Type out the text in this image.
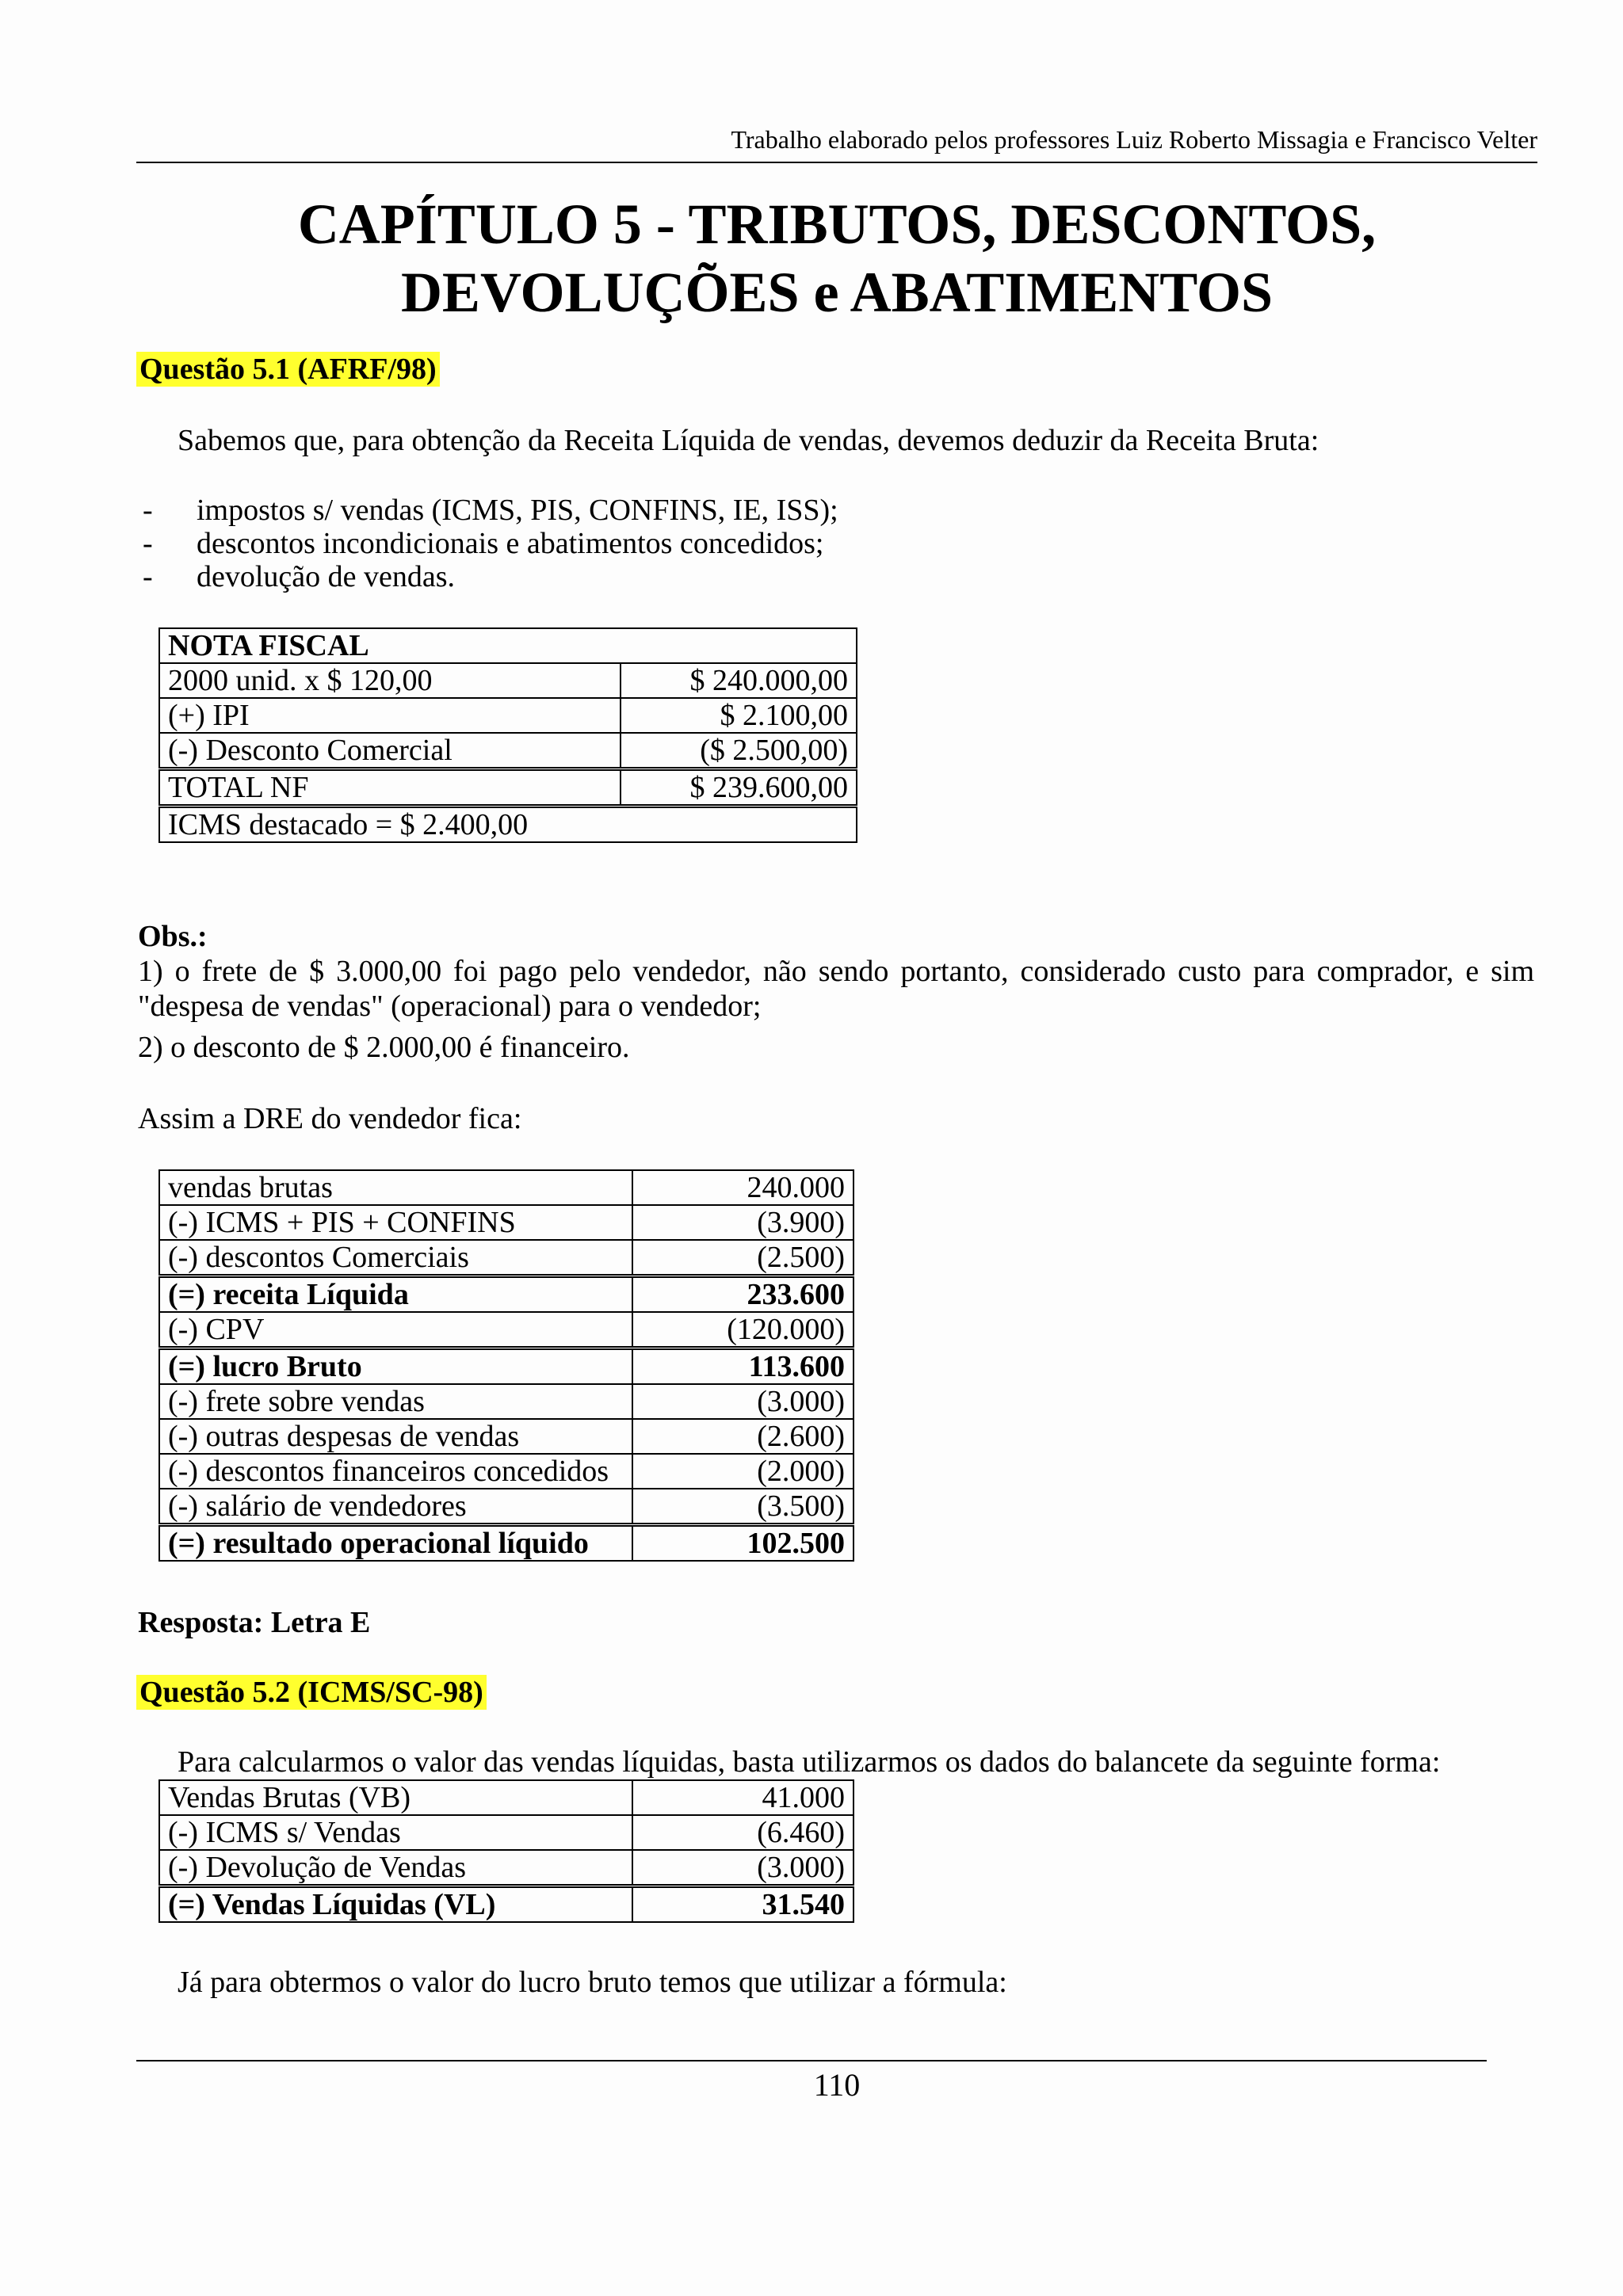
Trabalho elaborado pelos professores Luiz Roberto Missagia e Francisco Velter
CAPÍTULO 5 - TRIBUTOS, DESCONTOS,
DEVOLUÇÕES e ABATIMENTOS
Questão 5.1 (AFRF/98)
Sabemos que, para obtenção da Receita Líquida de vendas, devemos deduzir da Receita Bruta:
- impostos s/ vendas (ICMS, PIS, CONFINS, IE, ISS);
- descontos incondicionais e abatimentos concedidos;
- devolução de vendas.
NOTA FISCAL	
2000 unid. x $ 120,00	$ 240.000,00
(+) IPI	$ 2.100,00
(-) Desconto Comercial	($ 2.500,00)
TOTAL NF	$ 239.600,00
ICMS destacado = $ 2.400,00	
Obs.:
1) o frete de $ 3.000,00 foi pago pelo vendedor, não sendo portanto, considerado custo para comprador, e sim "despesa de vendas" (operacional) para o vendedor;
2) o desconto de $ 2.000,00 é financeiro.
Assim a DRE do vendedor fica:
vendas brutas	240.000
(-) ICMS + PIS + CONFINS	(3.900)
(-) descontos Comerciais	(2.500)
(=) receita Líquida	233.600
(-) CPV	(120.000)
(=) lucro Bruto	113.600
(-) frete sobre vendas	(3.000)
(-) outras despesas de vendas	(2.600)
(-) descontos financeiros concedidos	(2.000)
(-) salário de vendedores	(3.500)
(=) resultado operacional líquido	102.500
Resposta: Letra E
Questão 5.2 (ICMS/SC-98)
Para calcularmos o valor das vendas líquidas, basta utilizarmos os dados do balancete da seguinte forma:
Vendas Brutas (VB)	41.000
(-) ICMS s/ Vendas	(6.460)
(-) Devolução de Vendas	(3.000)
(=) Vendas Líquidas (VL)	31.540
Já para obtermos o valor do lucro bruto temos que utilizar a fórmula:
110
